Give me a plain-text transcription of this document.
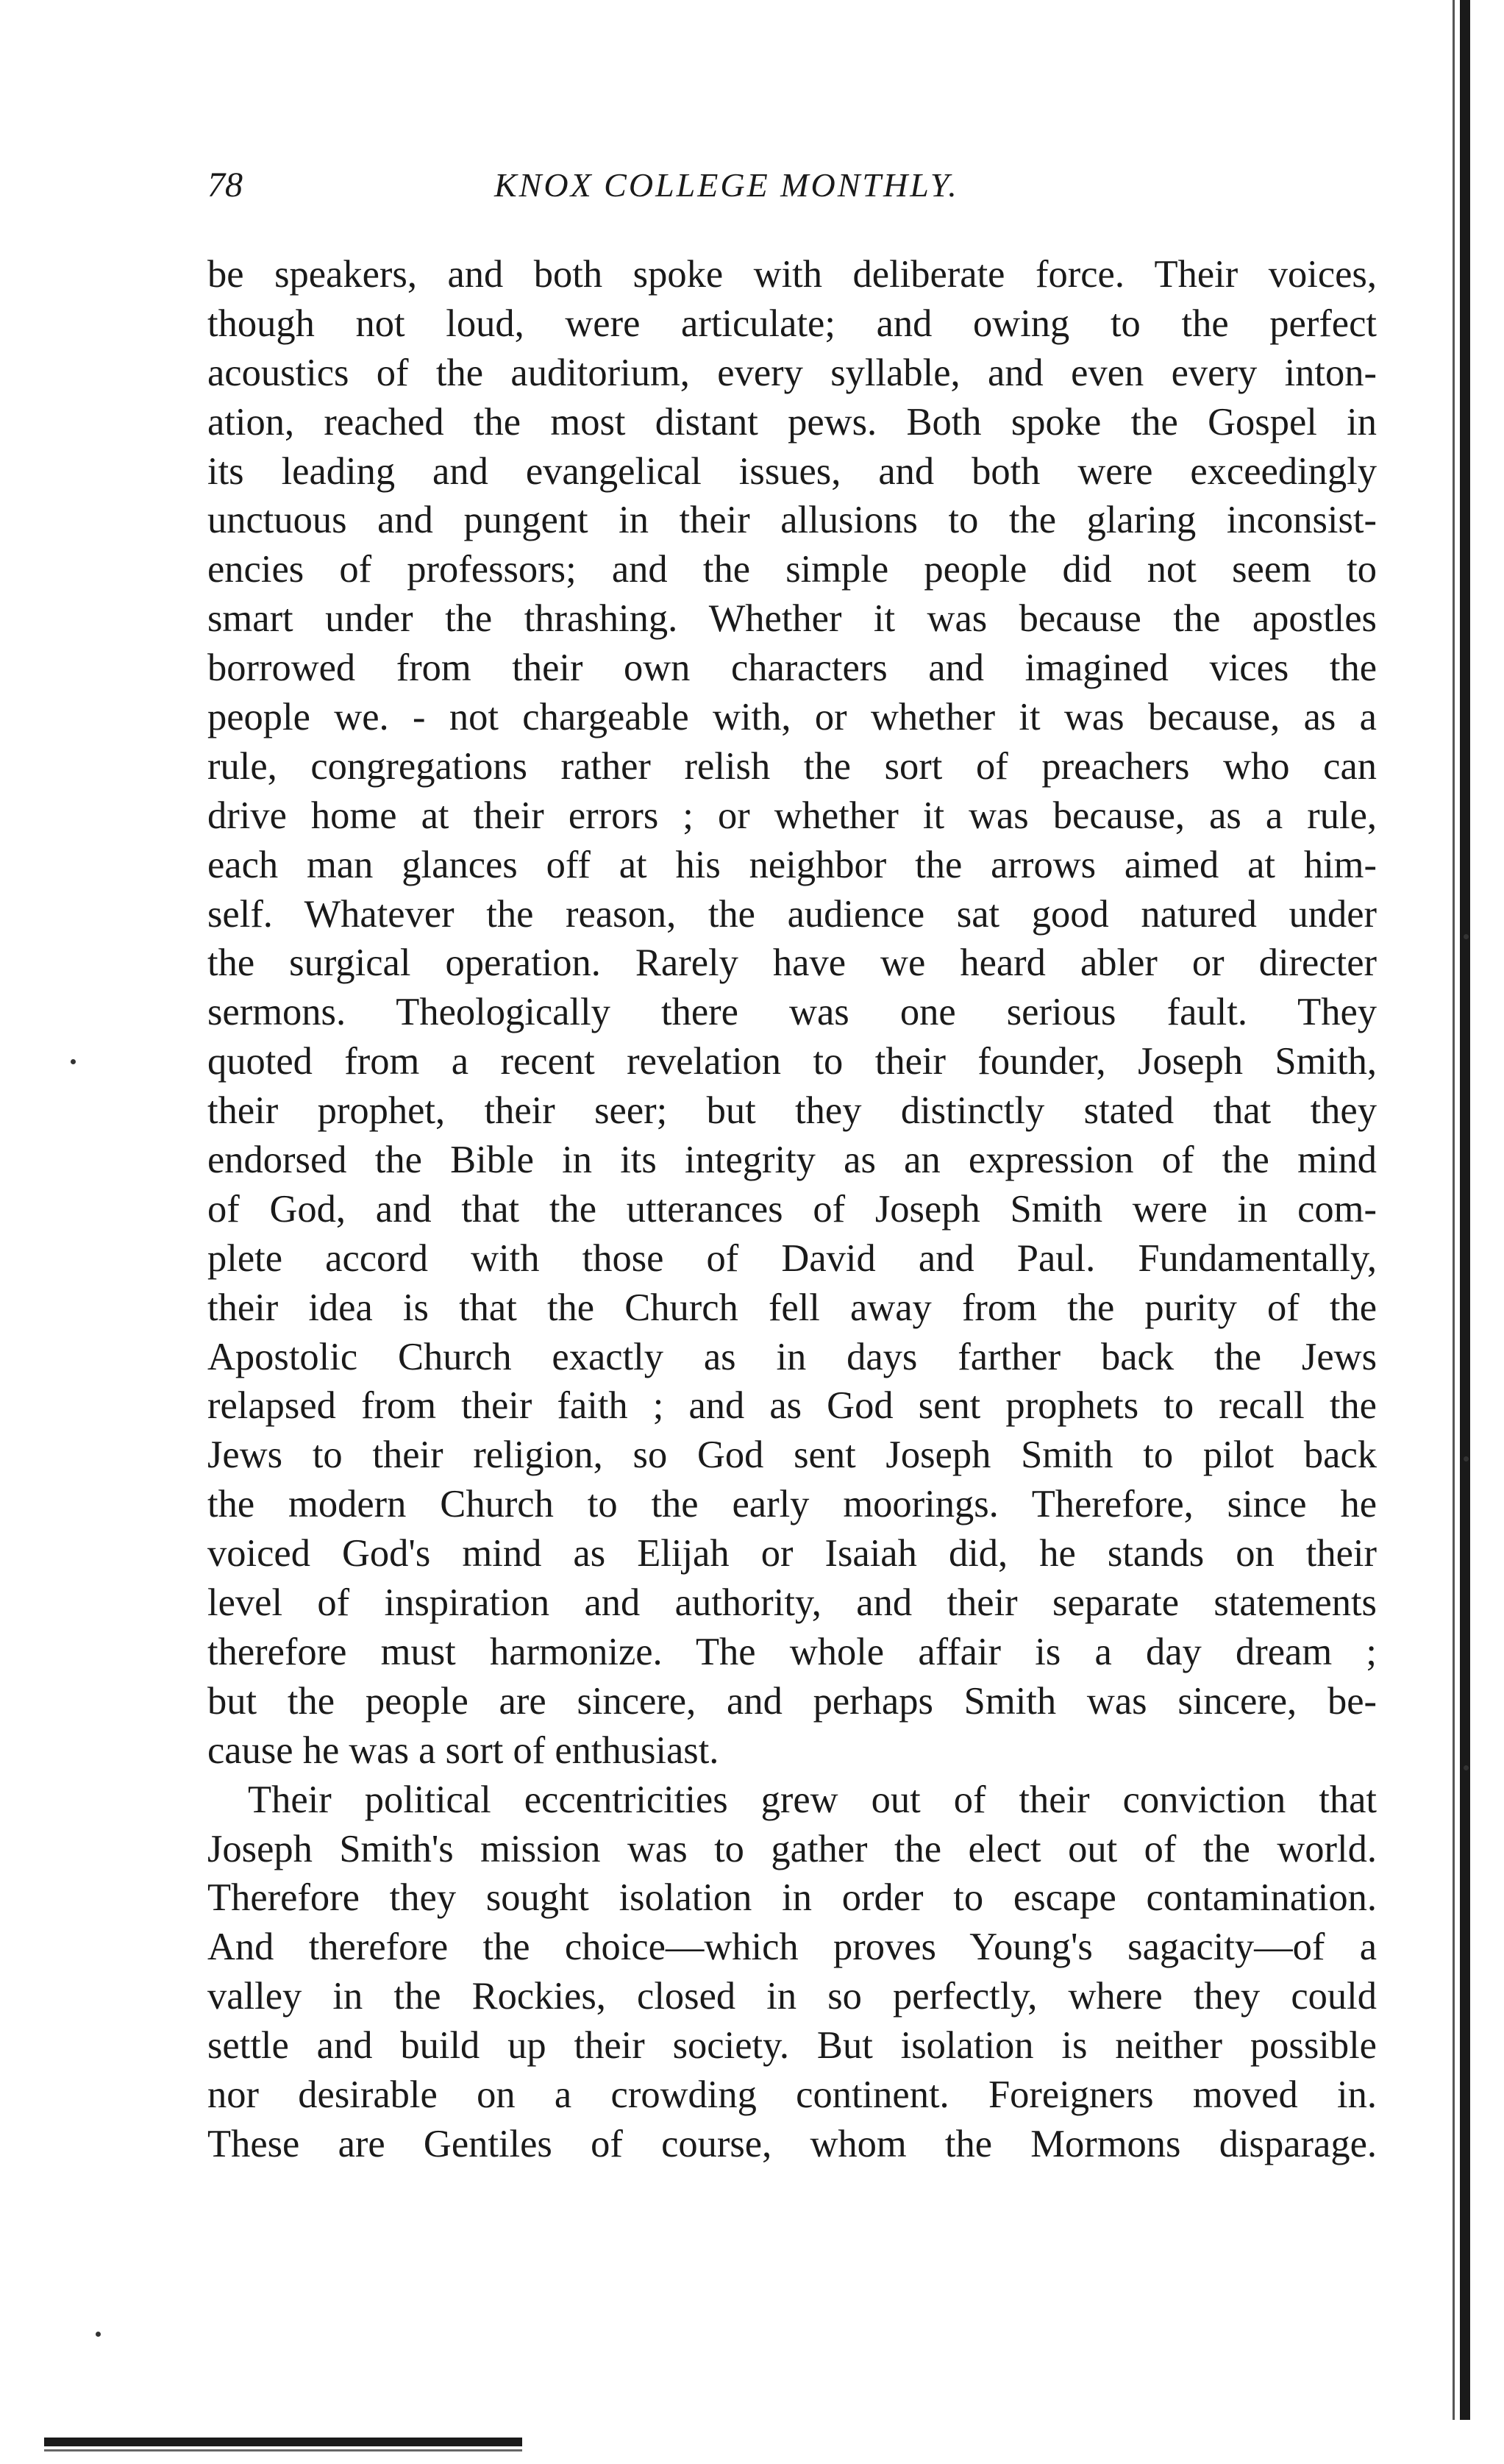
78	KNOX COLLEGE MONTHLY.
be speakers, and both spoke with deliberate force. Their voices,
though not loud, were articulate; and owing to the perfect
acoustics of the auditorium, every syllable, and even every inton-
ation, reached the most distant pews. Both spoke the Gospel in
its leading and evangelical issues, and both were exceedingly
unctuous and pungent in their allusions to the glaring inconsist-
encies of professors; and the simple people did not seem to
smart under the thrashing. Whether it was because the apostles
borrowed from their own characters and imagined vices the
people we. - not chargeable with, or whether it was because, as a
rule, congregations rather relish the sort of preachers who can
drive home at their errors ; or whether it was because, as a rule,
each man glances off at his neighbor the arrows aimed at him-
self. Whatever the reason, the audience sat good natured under
the surgical operation. Rarely have we heard abler or directer
sermons. Theologically there was one serious fault. They
quoted from a recent revelation to their founder, Joseph Smith,
their prophet, their seer; but they distinctly stated that they
endorsed the Bible in its integrity as an expression of the mind
of God, and that the utterances of Joseph Smith were in com-
plete accord with those of David and Paul. Fundamentally,
their idea is that the Church fell away from the purity of the
Apostolic Church exactly as in days farther back the Jews
relapsed from their faith ; and as God sent prophets to recall the
Jews to their religion, so God sent Joseph Smith to pilot back
the modern Church to the early moorings. Therefore, since he
voiced God's mind as Elijah or Isaiah did, he stands on their
level of inspiration and authority, and their separate statements
therefore must harmonize. The whole affair is a day dream ;
but the people are sincere, and perhaps Smith was sincere, be-
cause he was a sort of enthusiast.
Their political eccentricities grew out of their conviction that
Joseph Smith's mission was to gather the elect out of the world.
Therefore they sought isolation in order to escape contamination.
And therefore the choice—which proves Young's sagacity—of a
valley in the Rockies, closed in so perfectly, where they could
settle and build up their society. But isolation is neither possible
nor desirable on a crowding continent. Foreigners moved in.
These are Gentiles of course, whom the Mormons disparage.
